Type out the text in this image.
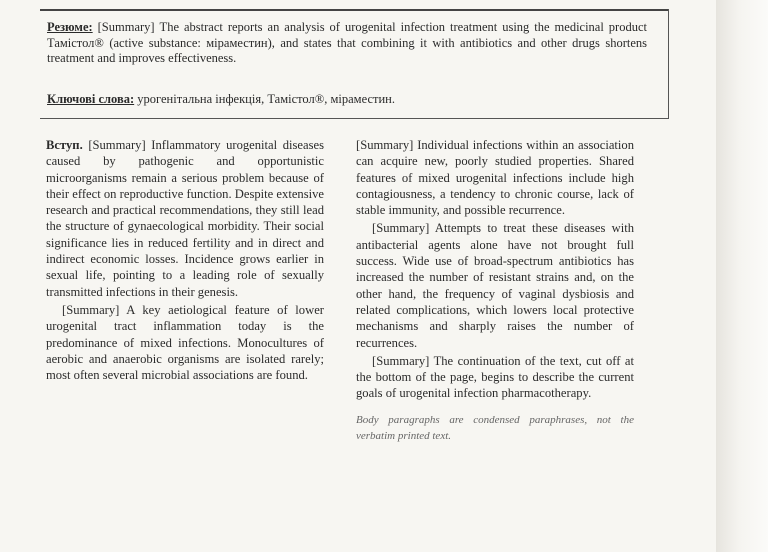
Резюме: [Summary] The abstract reports an analysis of urogenital infection treatment using the medicinal product Тамістол® (active substance: міраместин), and states that combining it with antibiotics and other drugs shortens treatment and improves effectiveness.
Ключові слова: урогенітальна інфекція, Тамістол®, міраместин.

Вступ. [Summary] Inflammatory urogenital diseases caused by pathogenic and opportunistic microorganisms remain a serious problem because of their effect on reproductive function. Despite extensive research and practical recommendations, they still lead the structure of gynaecological morbidity. Their social significance lies in reduced fertility and in direct and indirect economic losses. Incidence grows earlier in sexual life, pointing to a leading role of sexually transmitted infections in their genesis.

[Summary] A key aetiological feature of lower urogenital tract inflammation today is the predominance of mixed infections. Monocultures of aerobic and anaerobic organisms are isolated rarely; most often several microbial associations are found.

[Summary] Individual infections within an association can acquire new, poorly studied properties. Shared features of mixed urogenital infections include high contagiousness, a tendency to chronic course, lack of stable immunity, and possible recurrence.

[Summary] Attempts to treat these diseases with antibacterial agents alone have not brought full success. Wide use of broad-spectrum antibiotics has increased the number of resistant strains and, on the other hand, the frequency of vaginal dysbiosis and related complications, which lowers local protective mechanisms and sharply raises the number of recurrences.

[Summary] The continuation of the text, cut off at the bottom of the page, begins to describe the current goals of urogenital infection pharmacotherapy.

Body paragraphs are condensed paraphrases, not the verbatim printed text.
